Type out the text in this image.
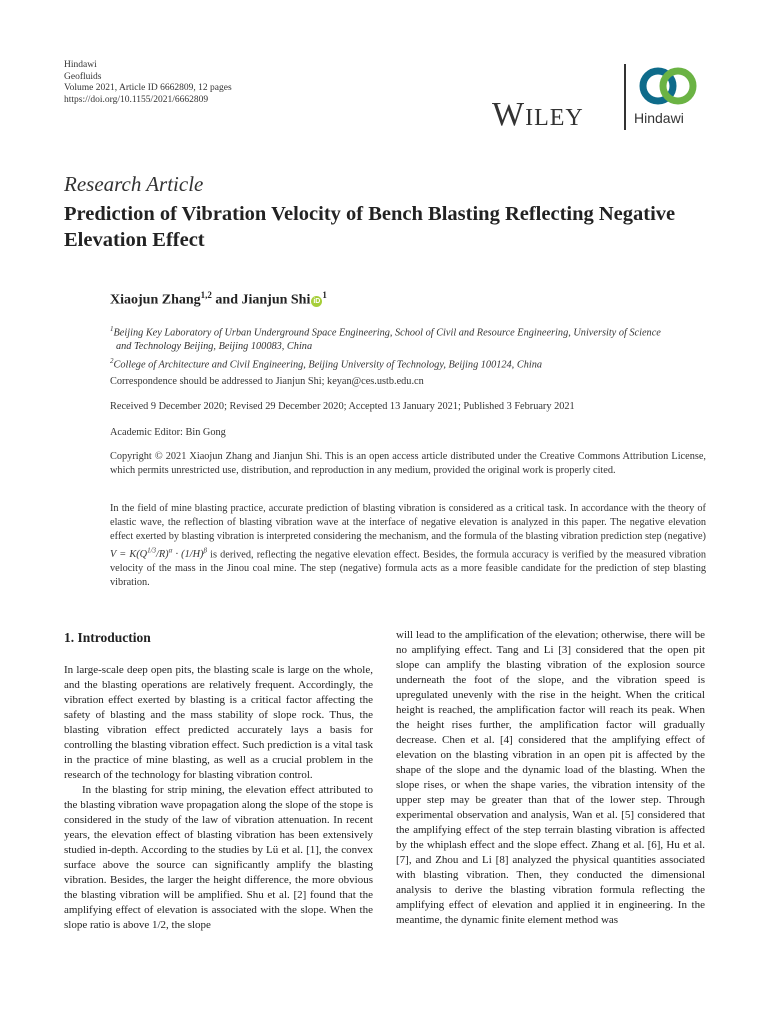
Hindawi
Geofluids
Volume 2021, Article ID 6662809, 12 pages
https://doi.org/10.1155/2021/6662809	Wiley	Hindawi
Research Article
Prediction of Vibration Velocity of Bench Blasting Reflecting Negative Elevation Effect
Xiaojun Zhang$^{1,2}$ and Jianjun Shi $iD^1$
$^1$Beijing Key Laboratory of Urban Underground Space Engineering, School of Civil and Resource Engineering, University of Science
and Technology Beijing, Beijing 100083, China
$^2$College of Architecture and Civil Engineering, Beijing University of Technology, Beijing 100124, China
Correspondence should be addressed to Jianjun Shi; keyan@ces.ustb.edu.cn
Received 9 December 2020; Revised 29 December 2020; Accepted 13 January 2021; Published 3 February 2021
Academic Editor: Bin Gong
Copyright © 2021 Xiaojun Zhang and Jianjun Shi. This is an open access article distributed under the Creative Commons Attribution License, which permits unrestricted use, distribution, and reproduction in any medium, provided the original work is properly cited.
In the field of mine blasting practice, accurate prediction of blasting vibration is considered as a critical task. In accordance with the theory of elastic wave, the reflection of blasting vibration wave at the interface of negative elevation is analyzed in this paper. The negative elevation effect exerted by blasting vibration is interpreted considering the mechanism, and the formula of the blasting vibration prediction step (negative) $V = K(Q^{1/3}/R)^\alpha \cdot (1/H)^\beta$ is derived, reflecting the negative elevation effect. Besides, the formula accuracy is verified by the measured vibration velocity of the mass in the Jinou coal mine. The step (negative) formula acts as a more feasible candidate for the prediction of step blasting vibration.
1. Introduction

In large-scale deep open pits, the blasting scale is large on the whole, and the blasting operations are relatively frequent. Accordingly, the vibration effect exerted by blasting is a critical factor affecting the safety of blasting and the mass stability of slope rock. Thus, the blasting vibration effect predicted accurately lays a basis for controlling the blasting vibration effect. Such prediction is a vital task in the practice of mine blasting, as well as a crucial problem in the research of the technology for blasting vibration control.

In the blasting for strip mining, the elevation effect attributed to the blasting vibration wave propagation along the slope of the stope is considered in the study of the law of vibration attenuation. In recent years, the elevation effect of blasting vibration has been extensively studied in-depth. According to the studies by Lü et al. [1], the convex surface above the source can significantly amplify the blasting vibration. Besides, the larger the height difference, the more obvious the blasting vibration will be amplified. Shu et al. [2] found that the amplifying effect of elevation is associated with the slope. When the slope ratio is above 1/2, the slope

will lead to the amplification of the elevation; otherwise, there will be no amplifying effect. Tang and Li [3] considered that the open pit slope can amplify the blasting vibration of the explosion source underneath the foot of the slope, and the vibration speed is upregulated unevenly with the rise in the height. When the critical height is reached, the amplification factor will reach its peak. When the height rises further, the amplification factor will gradually decrease. Chen et al. [4] considered that the amplifying effect of elevation on the blasting vibration in an open pit is affected by the shape of the slope and the dynamic load of the blasting. When the slope rises, or when the shape varies, the vibration intensity of the upper step may be greater than that of the lower step. Through experimental observation and analysis, Wan et al. [5] considered that the amplifying effect of the step terrain blasting vibration is affected by the whiplash effect and the slope effect. Zhang et al. [6], Hu et al. [7], and Zhou and Li [8] analyzed the physical quantities associated with blasting vibration. Then, they conducted the dimensional analysis to derive the blasting vibration formula reflecting the amplifying effect of elevation and applied it in engineering. In the meantime, the dynamic finite element method was
